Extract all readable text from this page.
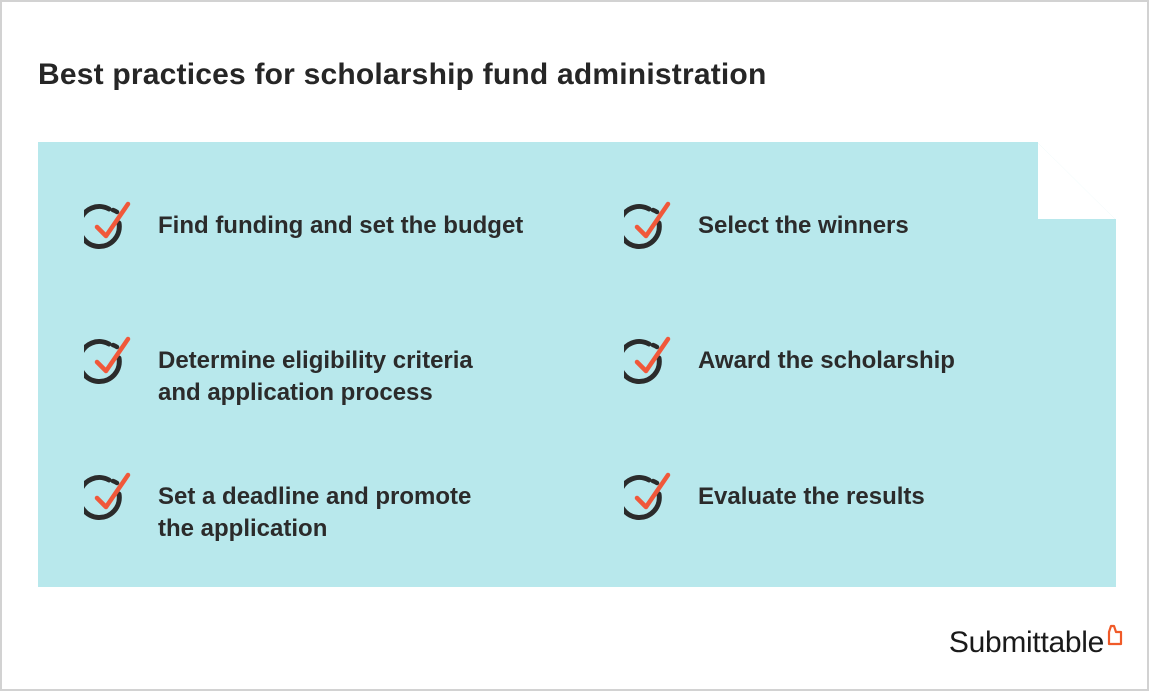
Best practices for scholarship fund administration
Find funding and set the budget
Determine eligibility criteria
and application process
Set a deadline and promote
the application
Select the winners
Award the scholarship
Evaluate the results
Submittable
